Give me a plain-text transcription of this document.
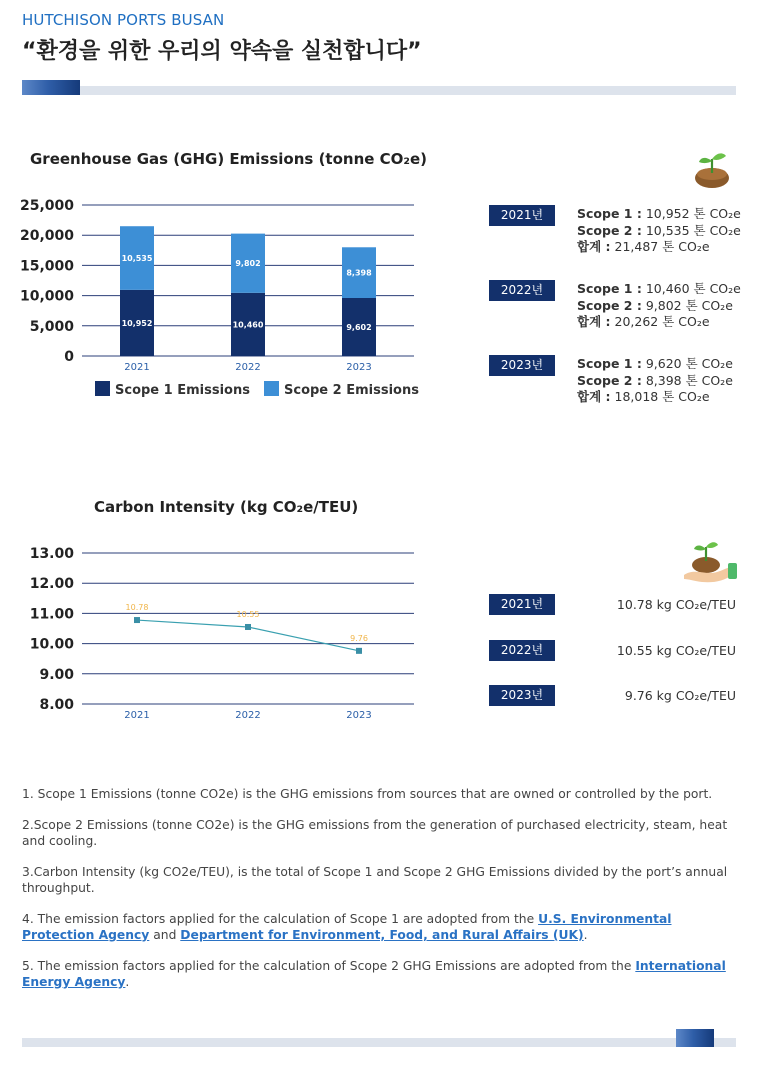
HUTCHISON PORTS BUSAN
“환경을 위한 우리의 약속을 실천합니다”
Greenhouse Gas (GHG) Emissions (tonne CO₂e)
0
5,000
10,000
15,000
20,000
25,000
10,952
10,535
2021
10,460
9,802
2022
9,602
8,398
2023
Scope 1 Emissions	Scope 2 Emissions
2021년	Scope 1 : 10,952 톤 CO₂e
Scope 2 : 10,535 톤 CO₂e
합계 : 21,487 톤 CO₂e
2022년	Scope 1 : 10,460 톤 CO₂e
Scope 2 : 9,802 톤 CO₂e
합계 : 20,262 톤 CO₂e
2023년	Scope 1 : 9,620 톤 CO₂e
Scope 2 : 8,398 톤 CO₂e
합계 : 18,018 톤 CO₂e
Carbon Intensity (kg CO₂e/TEU)
8.00
9.00
10.00
11.00
12.00
13.00
10.78
2021
10.55
2022
9.76
2023
2021년	10.78 kg CO₂e/TEU
2022년	10.55 kg CO₂e/TEU
2023년	9.76 kg CO₂e/TEU

1. Scope 1 Emissions (tonne CO2e) is the GHG emissions from sources that are owned or controlled by the port.

2.Scope 2 Emissions (tonne CO2e) is the GHG emissions from the generation of purchased electricity, steam, heat and cooling.

3.Carbon Intensity (kg CO2e/TEU), is the total of Scope 1 and Scope 2 GHG Emissions divided by the port’s annual throughput.

4. The emission factors applied for the calculation of Scope 1 are adopted from the U.S. Environmental Protection Agency and Department for Environment, Food, and Rural Affairs (UK).

5. The emission factors applied for the calculation of Scope 2 GHG Emissions are adopted from the International Energy Agency.
